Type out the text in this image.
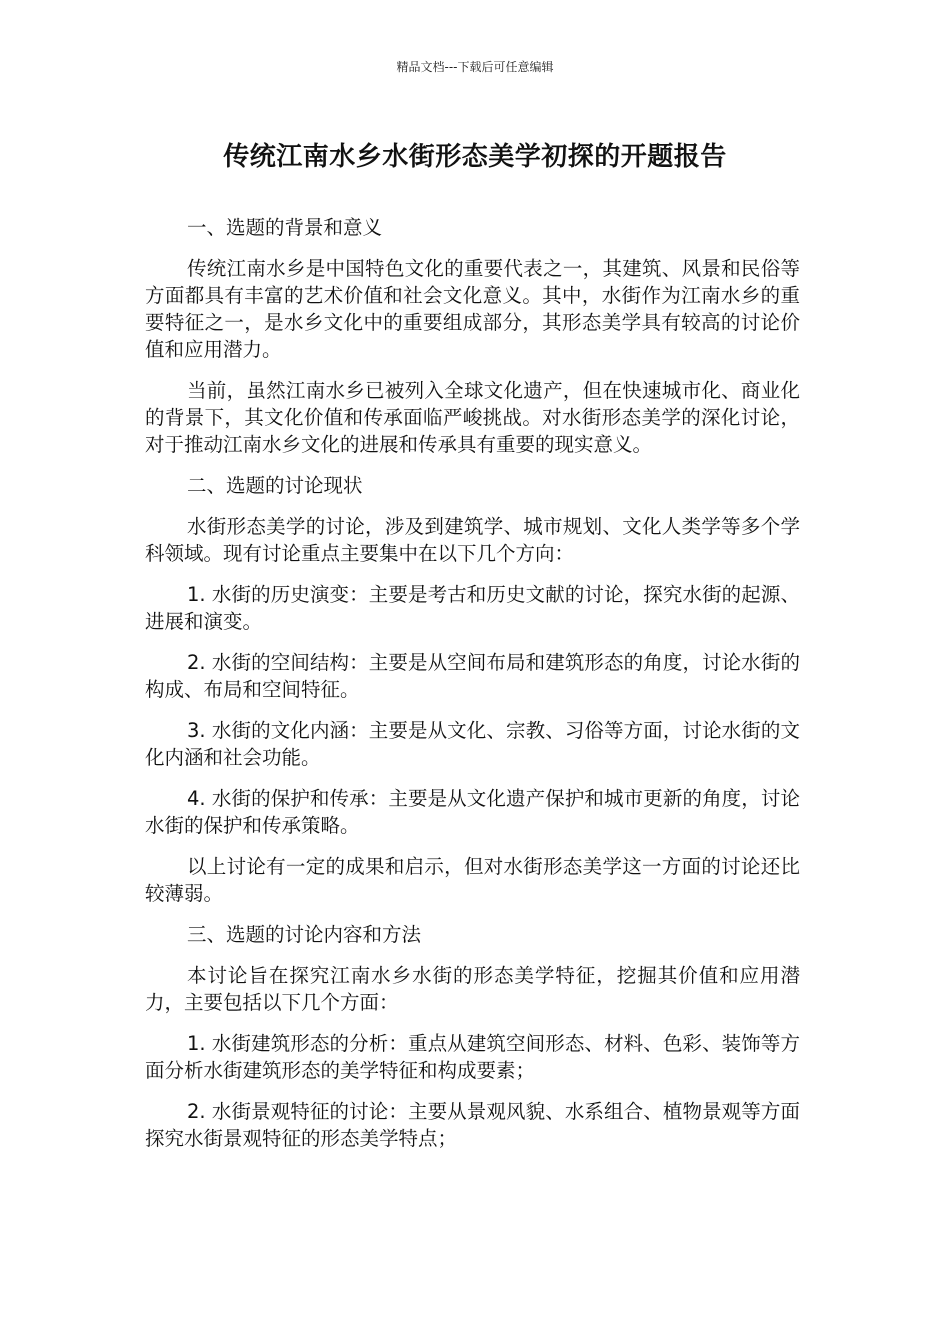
精品文档---下载后可任意编辑
传统江南水乡水街形态美学初探的开题报告
一、选题的背景和意义
传统江南水乡是中国特色文化的重要代表之一，其建筑、风景和民俗等方面都具有丰富的艺术价值和社会文化意义。其中，水街作为江南水乡的重要特征之一，是水乡文化中的重要组成部分，其形态美学具有较高的讨论价值和应用潜力。
当前，虽然江南水乡已被列入全球文化遗产，但在快速城市化、商业化的背景下，其文化价值和传承面临严峻挑战。对水街形态美学的深化讨论，对于推动江南水乡文化的进展和传承具有重要的现实意义。
二、选题的讨论现状
水街形态美学的讨论，涉及到建筑学、城市规划、文化人类学等多个学科领域。现有讨论重点主要集中在以下几个方向：
1. 水街的历史演变：主要是考古和历史文献的讨论，探究水街的起源、进展和演变。
2. 水街的空间结构：主要是从空间布局和建筑形态的角度，讨论水街的构成、布局和空间特征。
3. 水街的文化内涵：主要是从文化、宗教、习俗等方面，讨论水街的文化内涵和社会功能。
4. 水街的保护和传承：主要是从文化遗产保护和城市更新的角度，讨论水街的保护和传承策略。
以上讨论有一定的成果和启示，但对水街形态美学这一方面的讨论还比较薄弱。
三、选题的讨论内容和方法
本讨论旨在探究江南水乡水街的形态美学特征，挖掘其价值和应用潜力，主要包括以下几个方面：
1. 水街建筑形态的分析：重点从建筑空间形态、材料、色彩、装饰等方面分析水街建筑形态的美学特征和构成要素；
2. 水街景观特征的讨论：主要从景观风貌、水系组合、植物景观等方面探究水街景观特征的形态美学特点；
